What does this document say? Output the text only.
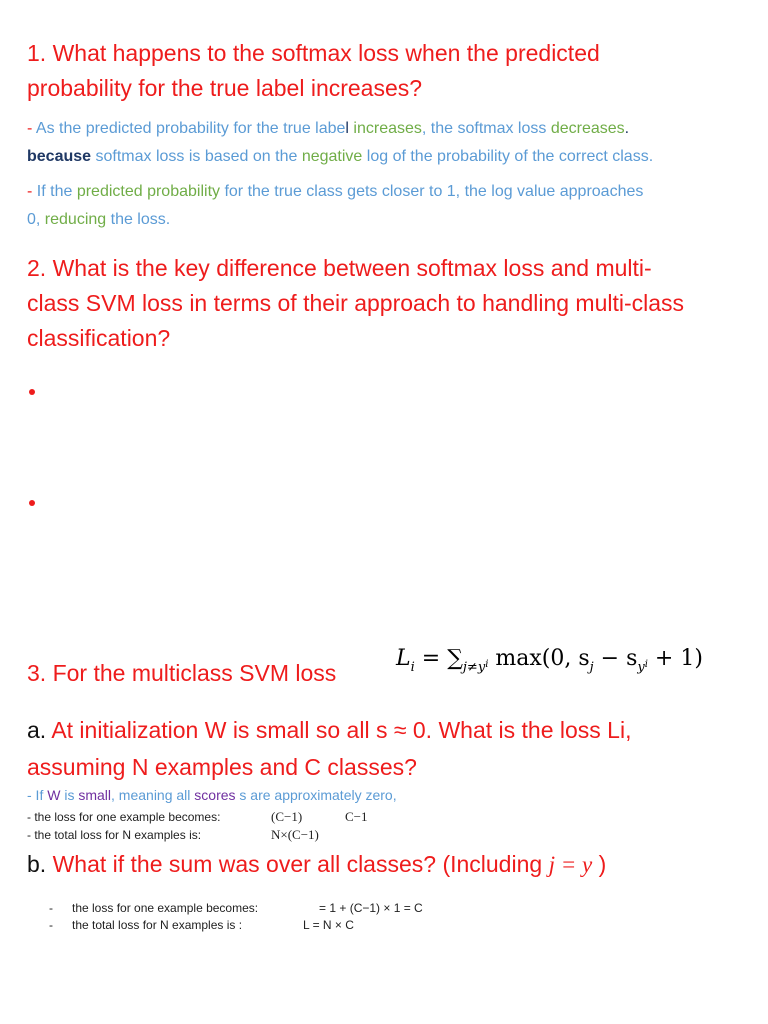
1. What happens to the softmax loss when the predicted
probability for the true label increases?
- As the predicted probability for the true label increases, the softmax loss decreases.
because softmax loss is based on the negative log of the probability of the correct class.
- If the predicted probability for the true class gets closer to 1, the log value approaches
0, reducing the loss.
2. What is the key difference between softmax loss and multi-
class SVM loss in terms of their approach to handling multi-class
classification?
3. For the multiclass SVM loss
$L_i = \sum_{j\ne y}i$ max(0, $s_j - s_yi + 1$)
a. At initialization W is small so all s ≈ 0. What is the loss Li,
assuming N examples and C classes?
- If W is small, meaning all scores s are approximately zero,
- the loss for one example becomes:	(C−1)	C−1
- the total loss for N examples is:	N×(C−1)
b. What if the sum was over all classes? (Including j = y )
- the loss for one example becomes:	= 1 + (C−1) × 1 = C
- the total loss for N examples is :	L = N × C
